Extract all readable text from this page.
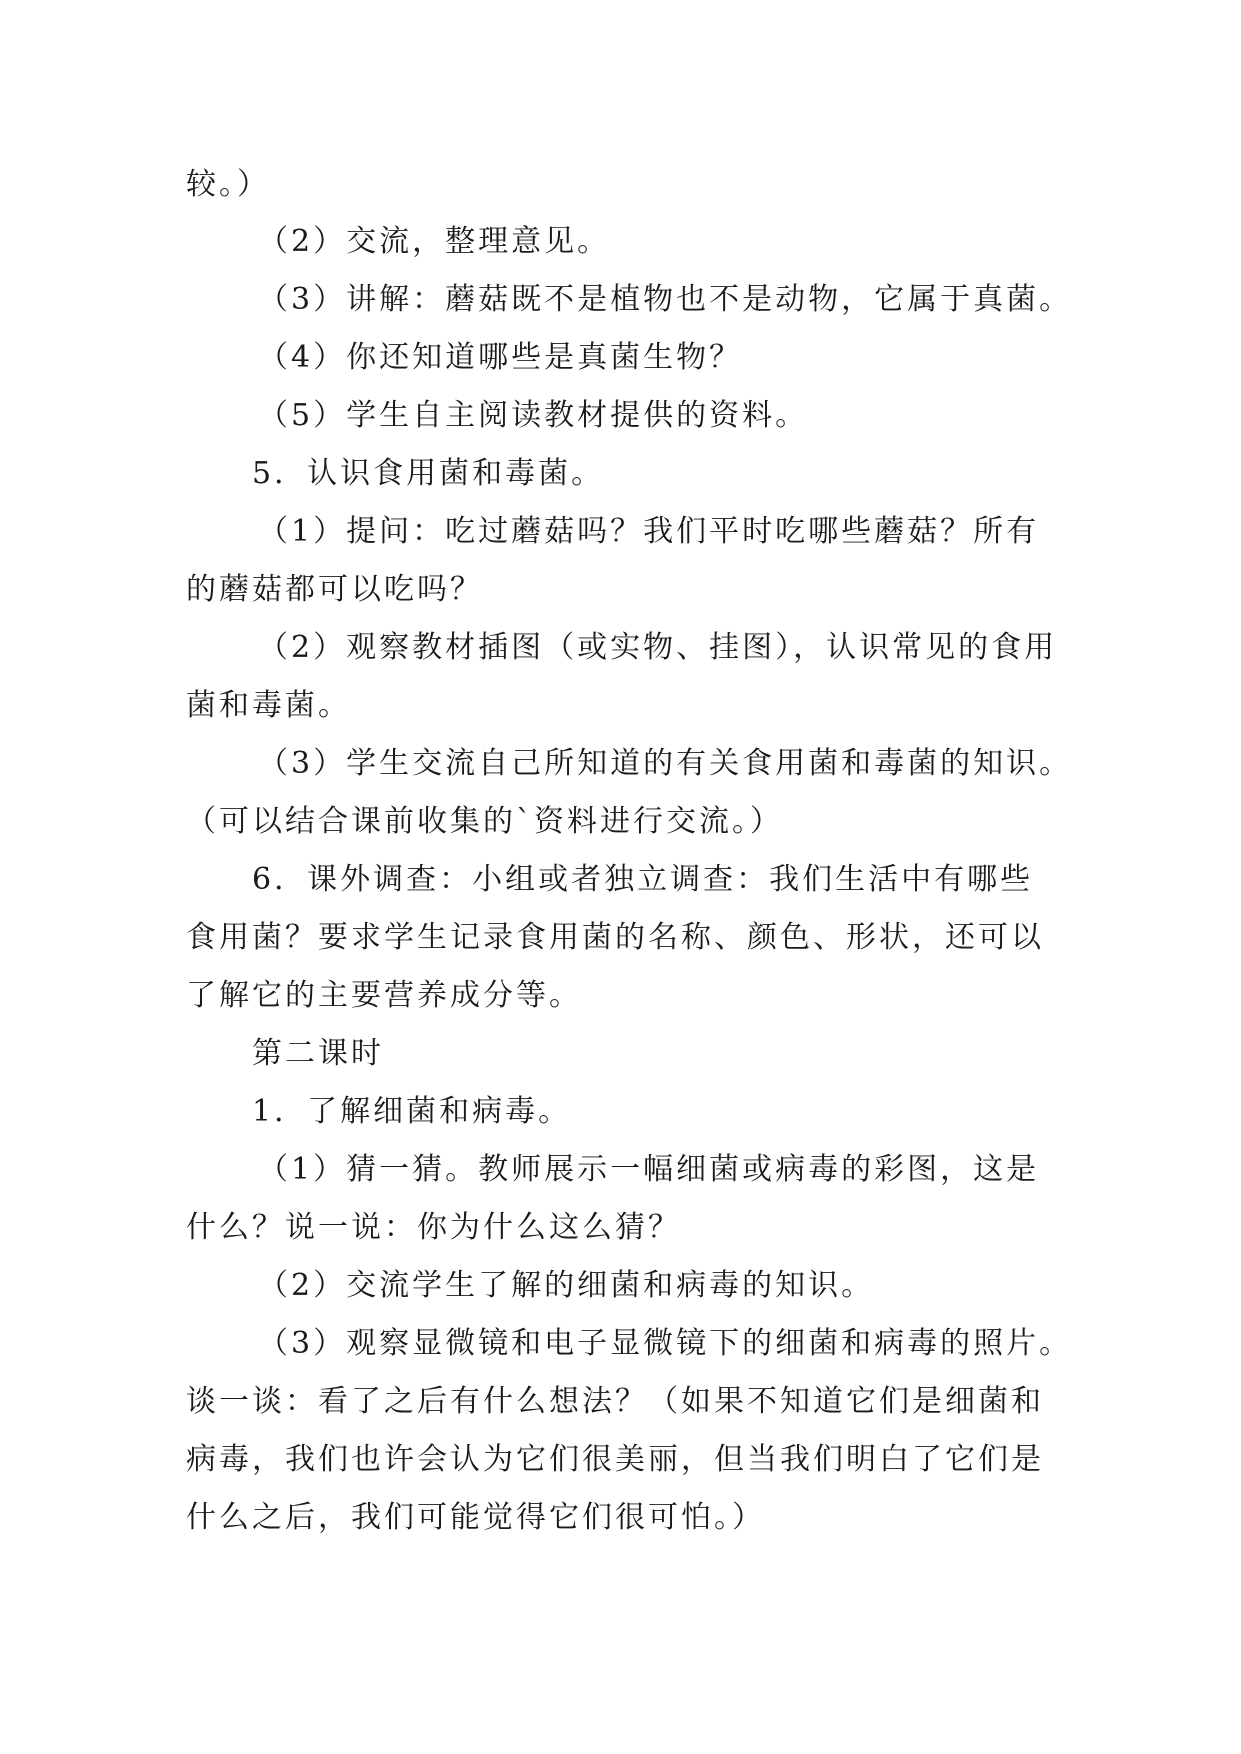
较。）
（2）交流，整理意见。
（3）讲解：蘑菇既不是植物也不是动物，它属于真菌。
（4）你还知道哪些是真菌生物？
（5）学生自主阅读教材提供的资料。
5．认识食用菌和毒菌。
（1）提问：吃过蘑菇吗？我们平时吃哪些蘑菇？所有
的蘑菇都可以吃吗？
（2）观察教材插图（或实物、挂图），认识常见的食用
菌和毒菌。
（3）学生交流自己所知道的有关食用菌和毒菌的知识。
（可以结合课前收集的`资料进行交流。）
6．课外调查：小组或者独立调查：我们生活中有哪些
食用菌？要求学生记录食用菌的名称、颜色、形状，还可以
了解它的主要营养成分等。
第二课时
1．了解细菌和病毒。
（1）猜一猜。教师展示一幅细菌或病毒的彩图，这是
什么？说一说：你为什么这么猜？
（2）交流学生了解的细菌和病毒的知识。
（3）观察显微镜和电子显微镜下的细菌和病毒的照片。
谈一谈：看了之后有什么想法？（如果不知道它们是细菌和
病毒，我们也许会认为它们很美丽，但当我们明白了它们是
什么之后，我们可能觉得它们很可怕。）
